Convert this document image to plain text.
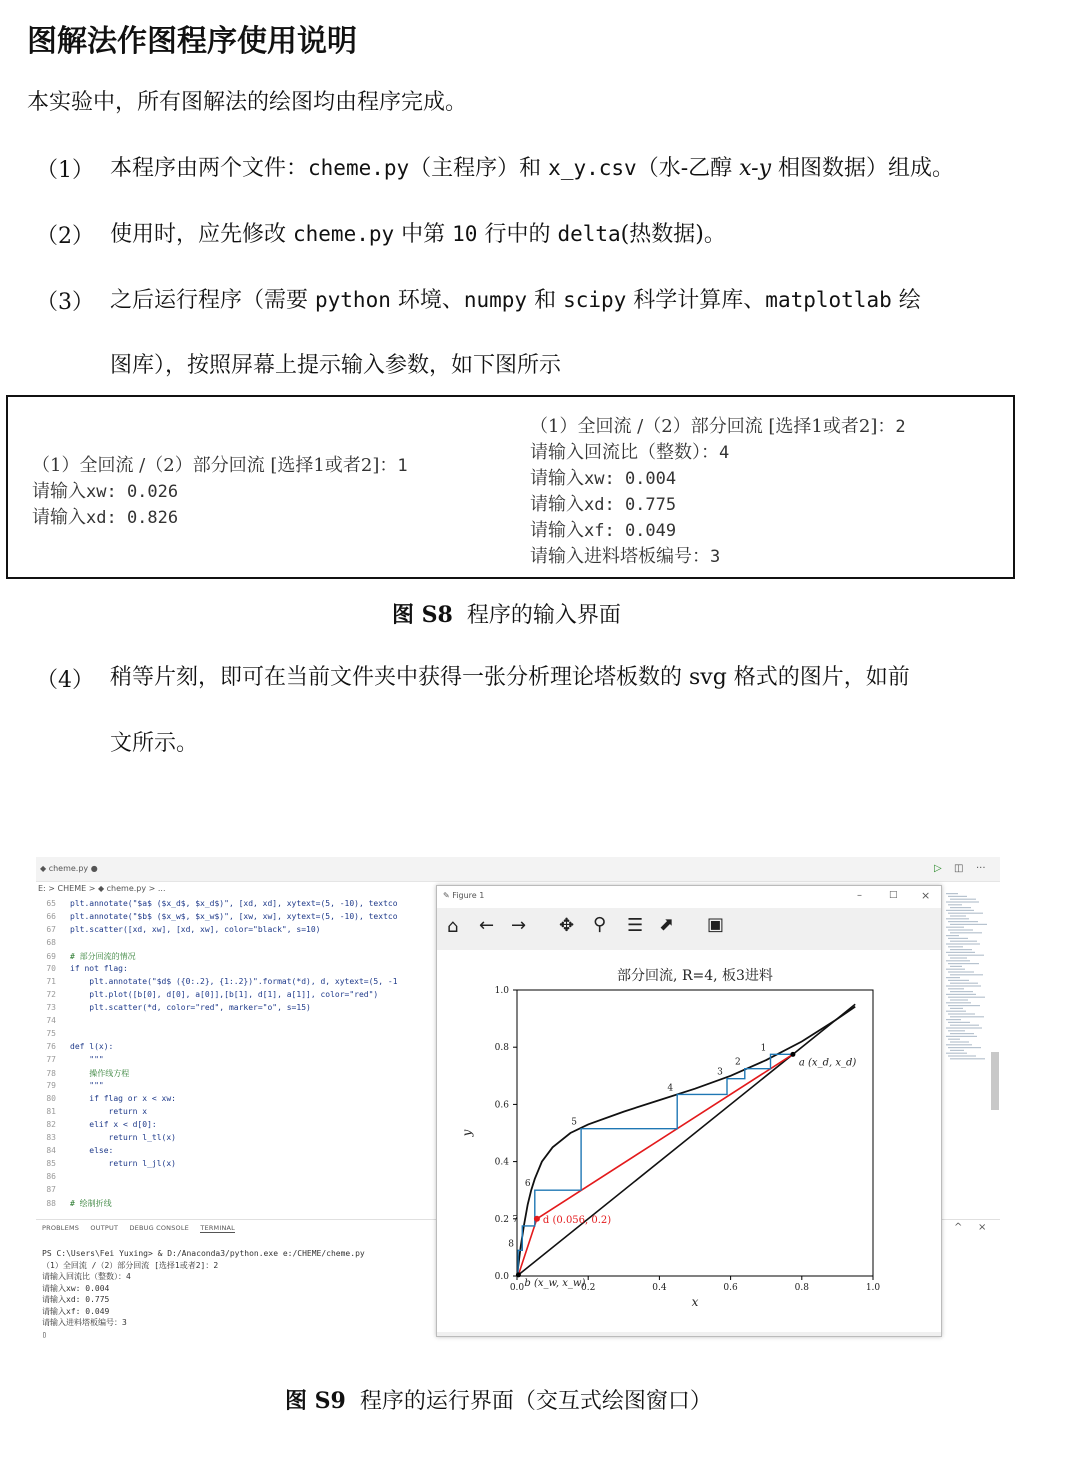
图解法作图程序使用说明
本实验中，所有图解法的绘图均由程序完成。
（1） 本程序由两个文件：cheme.py（主程序）和 x_y.csv（水-乙醇 x-y 相图数据）组成。
（2） 使用时，应先修改 cheme.py 中第 10 行中的 delta(热数据)。
（3） 之后运行程序（需要 python 环境、numpy 和 scipy 科学计算库、matplotlab 绘
图库），按照屏幕上提示输入参数，如下图所示
（1）全回流 /（2）部分回流 [选择1或者2]：1
请输入xw: 0.026
请输入xd: 0.826
（1）全回流 /（2）部分回流 [选择1或者2]：2
请输入回流比（整数）：4
请输入xw: 0.004
请输入xd: 0.775
请输入xf: 0.049
请输入进料塔板编号：3
图 S8 程序的输入界面
（4） 稍等片刻，即可在当前文件夹中获得一张分析理论塔板数的 svg 格式的图片，如前
文所示。
◆ cheme.py ●	▷ ◫ ···
E: > CHEME > ◆ cheme.py > ...
65 plt.annotate("$a$ ($x_d$, $x_d$)", [xd, xd], xytext=(5, -10), textco
66 plt.annotate("$b$ ($x_w$, $x_w$)", [xw, xw], xytext=(5, -10), textco
67 plt.scatter([xd, xw], [xd, xw], color="black", s=10)
68
69 # 部分回流的情况
70 if not flag:
71    plt.annotate("$d$ ({0:.2}, {1:.2})".format(*d), d, xytext=(5, -1
72    plt.plot([b[0], d[0], a[0]],[b[1], d[1], a[1]], color="red")
73    plt.scatter(*d, color="red", marker="o", s=15)
74
75
76 def l(x):
77    """
78    操作线方程
79    """
80    if flag or x < xw:
81        return x
82    elif x < d[0]:
83        return l_tl(x)
84    else:
85        return l_jl(x)
86
87
88 # 绘制折线
PROBLEMS OUTPUT DEBUG CONSOLE TERMINAL	^ ×
PS C:\Users\Fei Yuxing> & D:/Anaconda3/python.exe e:/CHEME/cheme.py
（1）全回流 /（2）部分回流 [选择1或者2]：2
请输入回流比（整数）：4
请输入xw: 0.004
请输入xd: 0.775
请输入xf: 0.049
请输入进料塔板编号：3
▯
✎ Figure 1	–	□ ×
⌂ ← → ✥ ⚲ ☰ ⬈ ▣
部分回流, R=4, 板3进料
0.0	0.2	0.4	0.6	0.8	1.0
0.0
0.2
0.4
0.6
0.8
1.0
x
y
1
2
3
4
5
6
7
8
a (x_d, x_d)
b (x_w, x_w)
d (0.056, 0.2)
图 S9 程序的运行界面（交互式绘图窗口）
